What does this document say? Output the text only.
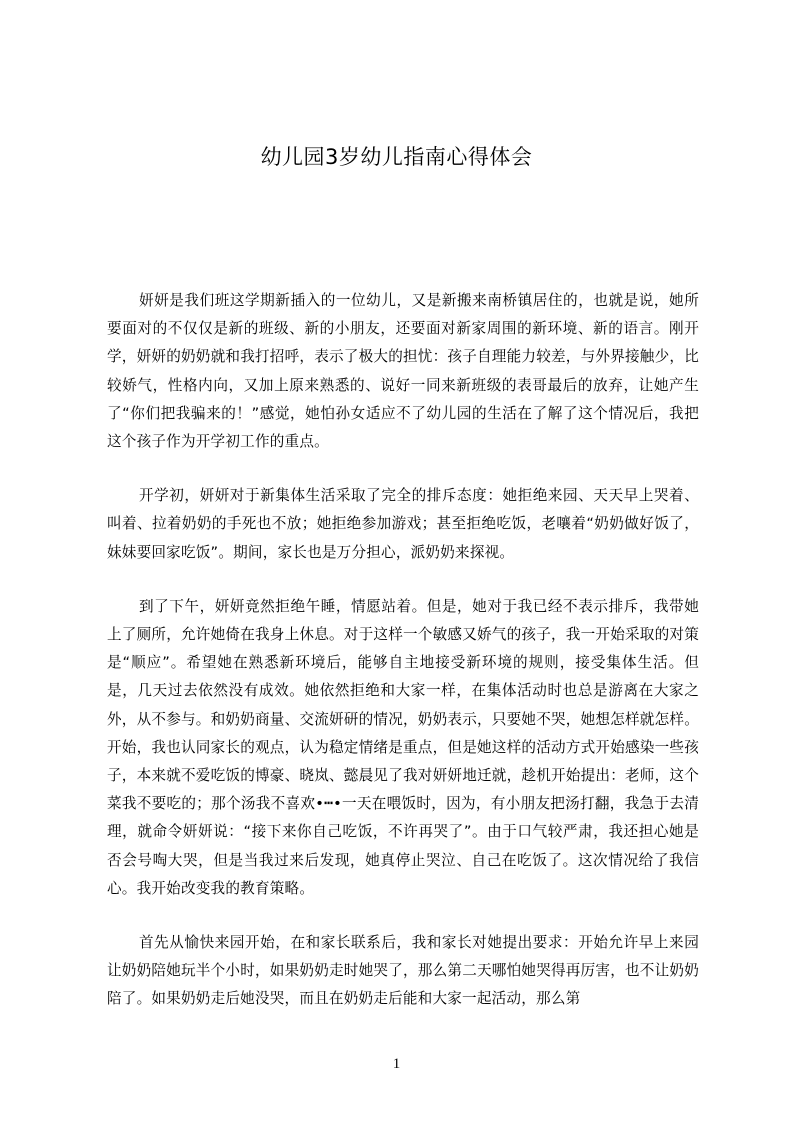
幼儿园3岁幼儿指南心得体会

妍妍是我们班这学期新插入的一位幼儿，又是新搬来南桥镇居住的，也就是说，她所要面对的不仅仅是新的班级、新的小朋友，还要面对新家周围的新环境、新的语言。刚开学，妍妍的奶奶就和我打招呼，表示了极大的担忧：孩子自理能力较差，与外界接触少，比较娇气，性格内向，又加上原来熟悉的、说好一同来新班级的表哥最后的放弃，让她产生了“你们把我骗来的！”感觉，她怕孙女适应不了幼儿园的生活在了解了这个情况后，我把这个孩子作为开学初工作的重点。

开学初，妍妍对于新集体生活采取了完全的排斥态度：她拒绝来园、天天早上哭着、叫着、拉着奶奶的手死也不放；她拒绝参加游戏；甚至拒绝吃饭，老嚷着“奶奶做好饭了，妹妹要回家吃饭”。期间，家长也是万分担心，派奶奶来探视。

到了下午，妍妍竟然拒绝午睡，情愿站着。但是，她对于我已经不表示排斥，我带她上了厕所，允许她倚在我身上休息。对于这样一个敏感又娇气的孩子，我一开始采取的对策是“顺应”。希望她在熟悉新环境后，能够自主地接受新环境的规则，接受集体生活。但是，几天过去依然没有成效。她依然拒绝和大家一样，在集体活动时也总是游离在大家之外，从不参与。和奶奶商量、交流妍研的情况，奶奶表示，只要她不哭，她想怎样就怎样。开始，我也认同家长的观点，认为稳定情绪是重点，但是她这样的活动方式开始感染一些孩子，本来就不爱吃饭的博豪、晓岚、懿晨见了我对妍妍地迁就，趁机开始提出：老师，这个菜我不要吃的；那个汤我不喜欢•┅•一天在喂饭时，因为，有小朋友把汤打翻，我急于去清理，就命令妍妍说：“接下来你自己吃饭，不许再哭了”。由于口气较严肃，我还担心她是否会号啕大哭，但是当我过来后发现，她真停止哭泣、自己在吃饭了。这次情况给了我信心。我开始改变我的教育策略。

首先从愉快来园开始，在和家长联系后，我和家长对她提出要求：开始允许早上来园让奶奶陪她玩半个小时，如果奶奶走时她哭了，那么第二天哪怕她哭得再厉害，也不让奶奶陪了。如果奶奶走后她没哭，而且在奶奶走后能和大家一起活动，那么第

1
